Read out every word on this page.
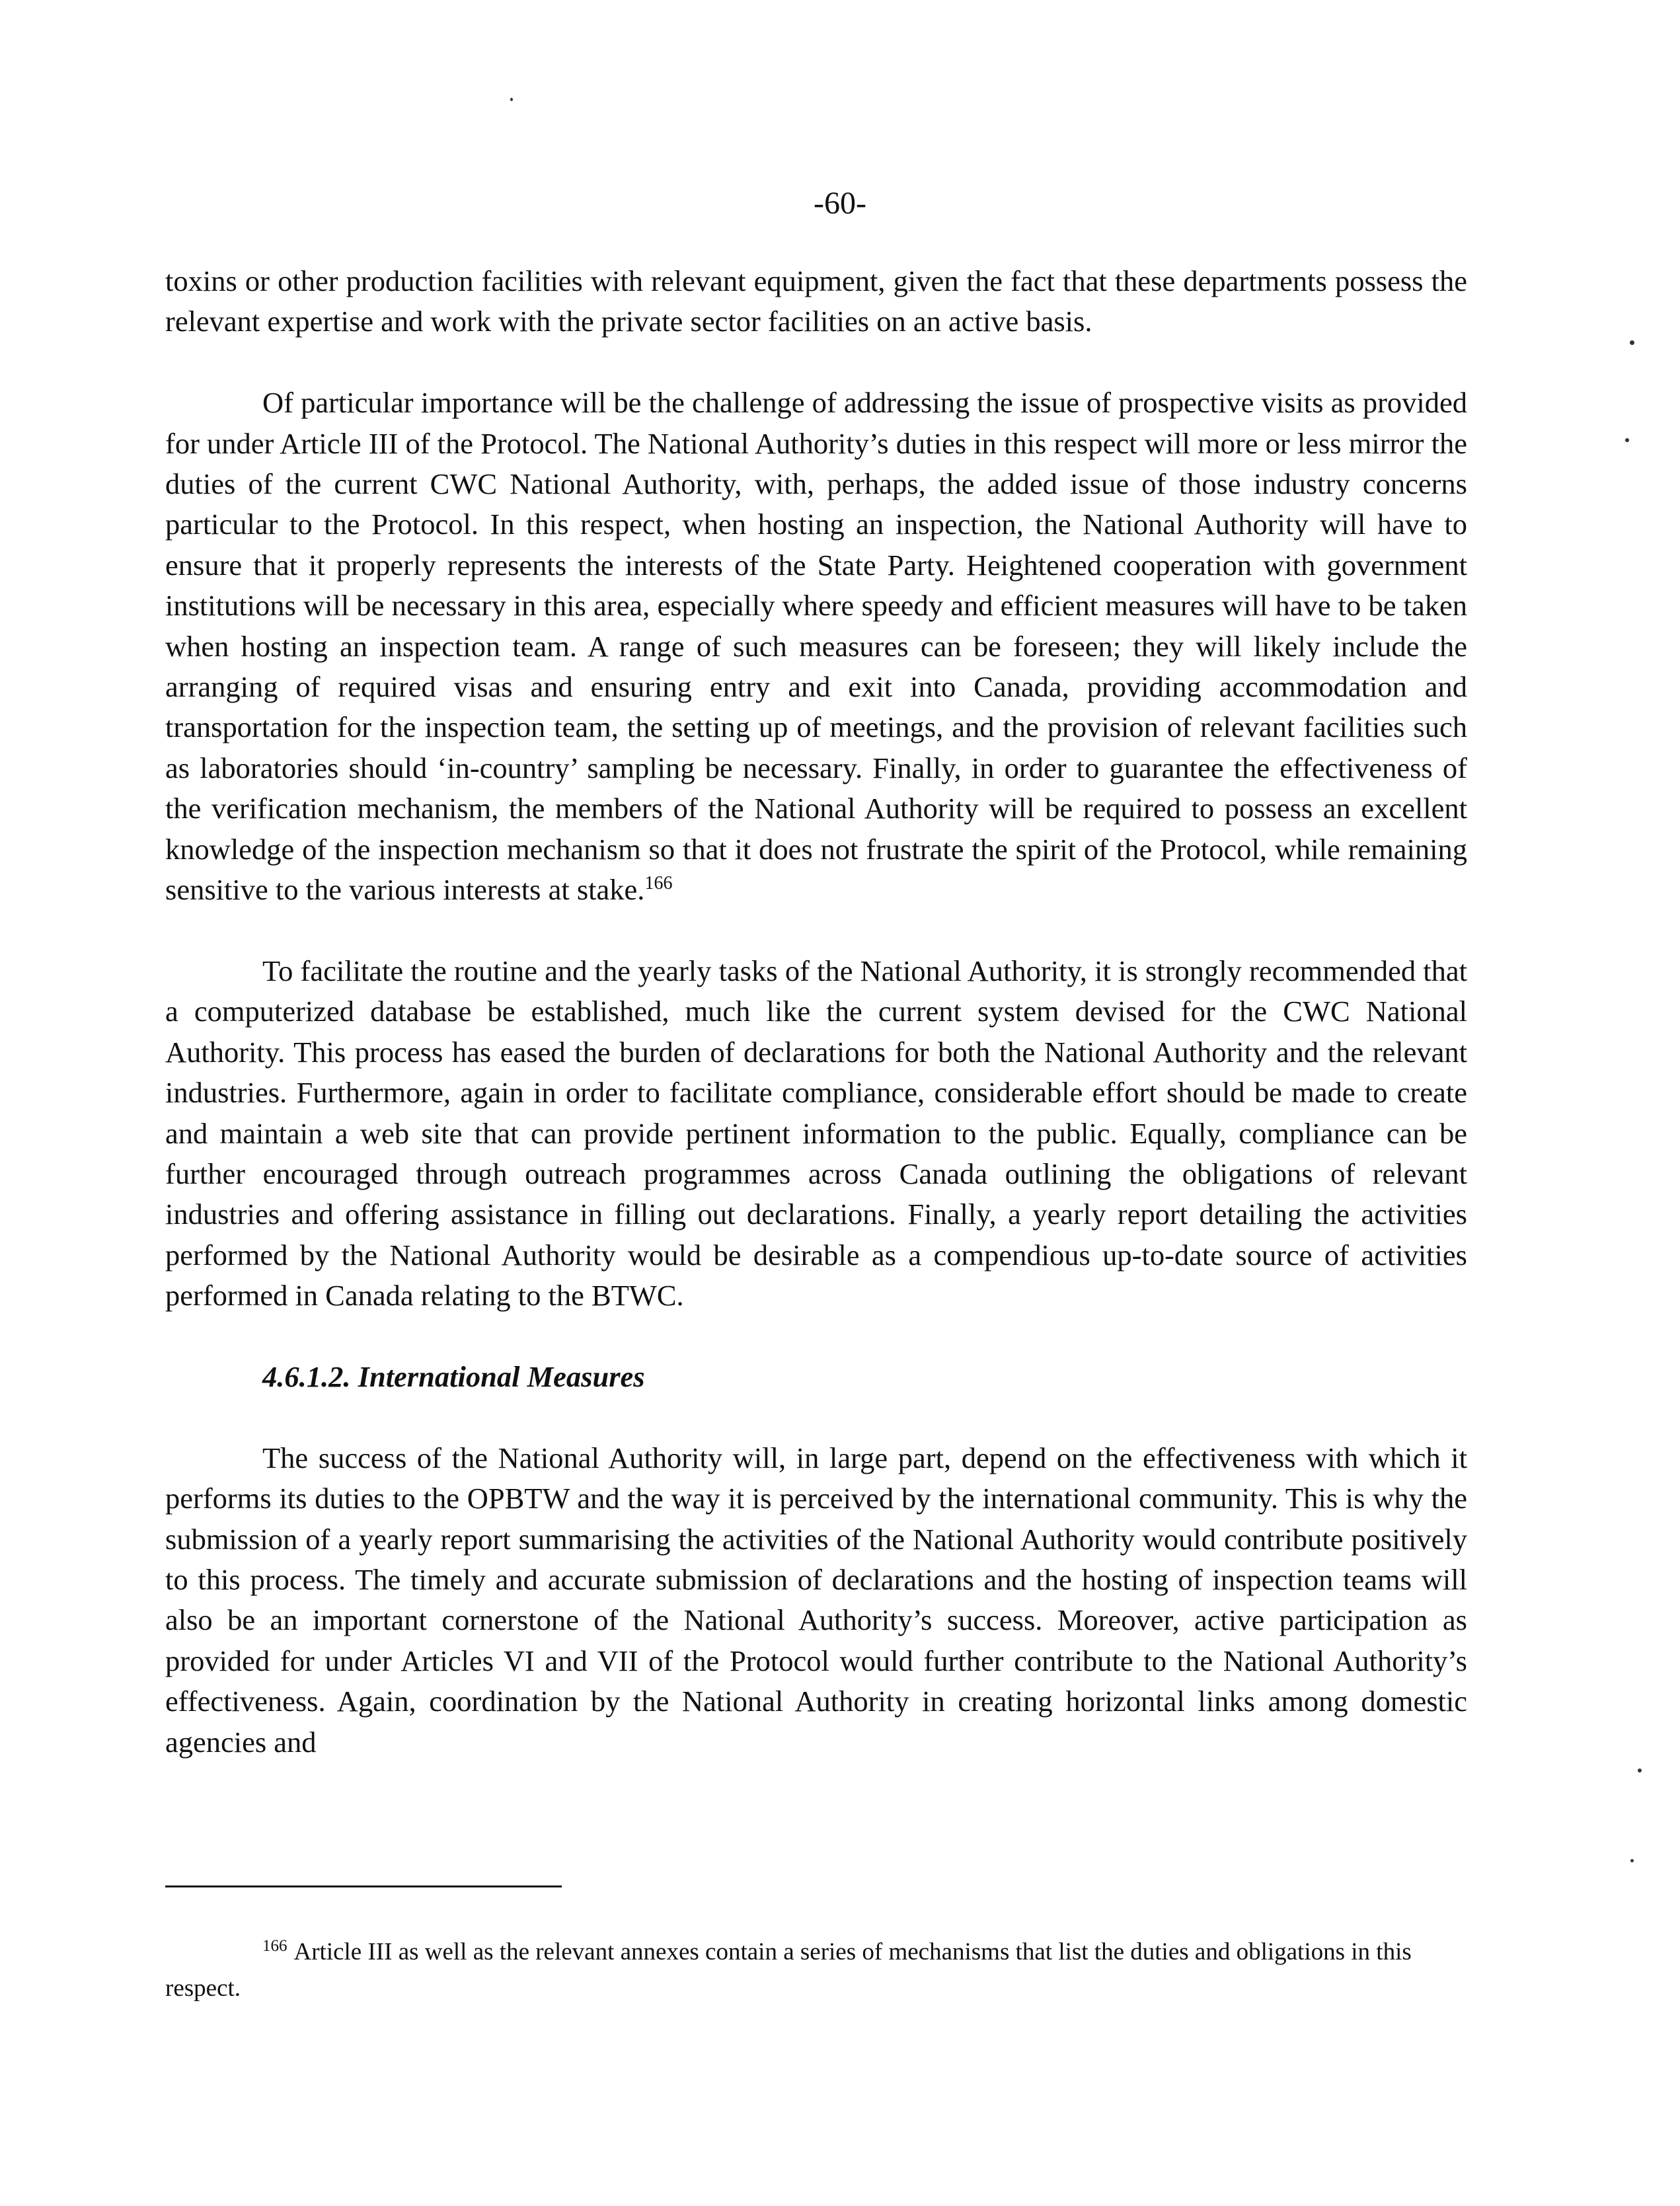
-60-

toxins or other production facilities with relevant equipment, given the fact that these departments possess the relevant expertise and work with the private sector facilities on an active basis.

Of particular importance will be the challenge of addressing the issue of prospective visits as provided for under Article III of the Protocol. The National Authority’s duties in this respect will more or less mirror the duties of the current CWC National Authority, with, perhaps, the added issue of those industry concerns particular to the Protocol. In this respect, when hosting an inspection, the National Authority will have to ensure that it properly represents the interests of the State Party. Heightened cooperation with government institutions will be necessary in this area, especially where speedy and efficient measures will have to be taken when hosting an inspection team. A range of such measures can be foreseen; they will likely include the arranging of required visas and ensuring entry and exit into Canada, providing accommodation and transportation for the inspection team, the setting up of meetings, and the provision of relevant facilities such as laboratories should ‘in-country’ sampling be necessary. Finally, in order to guarantee the effectiveness of the verification mechanism, the members of the National Authority will be required to possess an excellent knowledge of the inspection mechanism so that it does not frustrate the spirit of the Protocol, while remaining sensitive to the various interests at stake.$^{166}$

To facilitate the routine and the yearly tasks of the National Authority, it is strongly recommended that a computerized database be established, much like the current system devised for the CWC National Authority. This process has eased the burden of declarations for both the National Authority and the relevant industries. Furthermore, again in order to facilitate compliance, considerable effort should be made to create and maintain a web site that can provide pertinent information to the public. Equally, compliance can be further encouraged through outreach programmes across Canada outlining the obligations of relevant industries and offering assistance in filling out declarations. Finally, a yearly report detailing the activities performed by the National Authority would be desirable as a compendious up-to-date source of activities performed in Canada relating to the BTWC.

4.6.1.2. International Measures

The success of the National Authority will, in large part, depend on the effectiveness with which it performs its duties to the OPBTW and the way it is perceived by the international community. This is why the submission of a yearly report summarising the activities of the National Authority would contribute positively to this process. The timely and accurate submission of declarations and the hosting of inspection teams will also be an important cornerstone of the National Authority’s success. Moreover, active participation as provided for under Articles VI and VII of the Protocol would further contribute to the National Authority’s effectiveness. Again, coordination by the National Authority in creating horizontal links among domestic agencies and

$^{166}$ Article III as well as the relevant annexes contain a series of mechanisms that list the duties and obligations in this respect.
